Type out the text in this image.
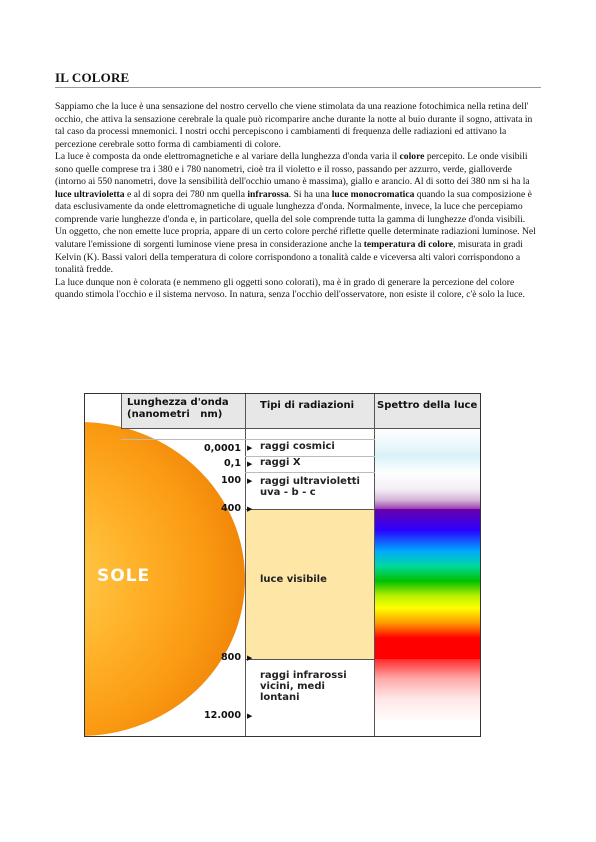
IL COLORE

Sappiamo che la luce è una sensazione del nostro cervello che viene stimolata da una reazione fotochimica nella retina dell' occhio, che attiva la sensazione cerebrale la quale può ricomparire anche durante la notte al buio durante il sogno, attivata in tal caso da processi mnemonici. I nostri occhi percepiscono i cambiamenti di frequenza delle radiazioni ed attivano la percezione cerebrale sotto forma di cambiamenti di colore.

La luce è composta da onde elettromagnetiche e al variare della lunghezza d'onda varia il colore percepito. Le onde visibili sono quelle comprese tra i 380 e i 780 nanometri, cioè tra il violetto e il rosso, passando per azzurro, verde, gialloverde (intorno ai 550 nanometri, dove la sensibilità dell'occhio umano è massima), giallo e arancio. Al di sotto dei 380 nm si ha la luce ultravioletta e al di sopra dei 780 nm quella infrarossa. Si ha una luce monocromatica quando la sua composizione è data esclusivamente da onde elettromagnetiche di uguale lunghezza d'onda. Normalmente, invece, la luce che percepiamo comprende varie lunghezze d'onda e, in particolare, quella del sole comprende tutta la gamma di lunghezze d'onda visibili.

Un oggetto, che non emette luce propria, appare di un certo colore perché riflette quelle determinate radiazioni luminose. Nel valutare l'emissione di sorgenti luminose viene presa in considerazione anche la temperatura di colore, misurata in gradi Kelvin (K). Bassi valori della temperatura di colore corrispondono a tonalità calde e viceversa alti valori corrispondono a tonalità fredde.

La luce dunque non è colorata (e nemmeno gli oggetti sono colorati), ma è in grado di generare la percezione del colore quando stimola l'occhio e il sistema nervoso. In natura, senza l'occhio dell'osservatore, non esiste il colore, c'è solo la luce.

SOLE
Lunghezza d'onda
(nanometri   nm)
Tipi di radiazioni	Spettro della luce
0,0001
0,1
100
400
800
12.000
▶
▶
▶
▶
▶
▶
raggi cosmici
raggi X
raggi ultravioletti
uva - b - c
luce visibile
raggi infrarossi
vicini, medi
lontani
